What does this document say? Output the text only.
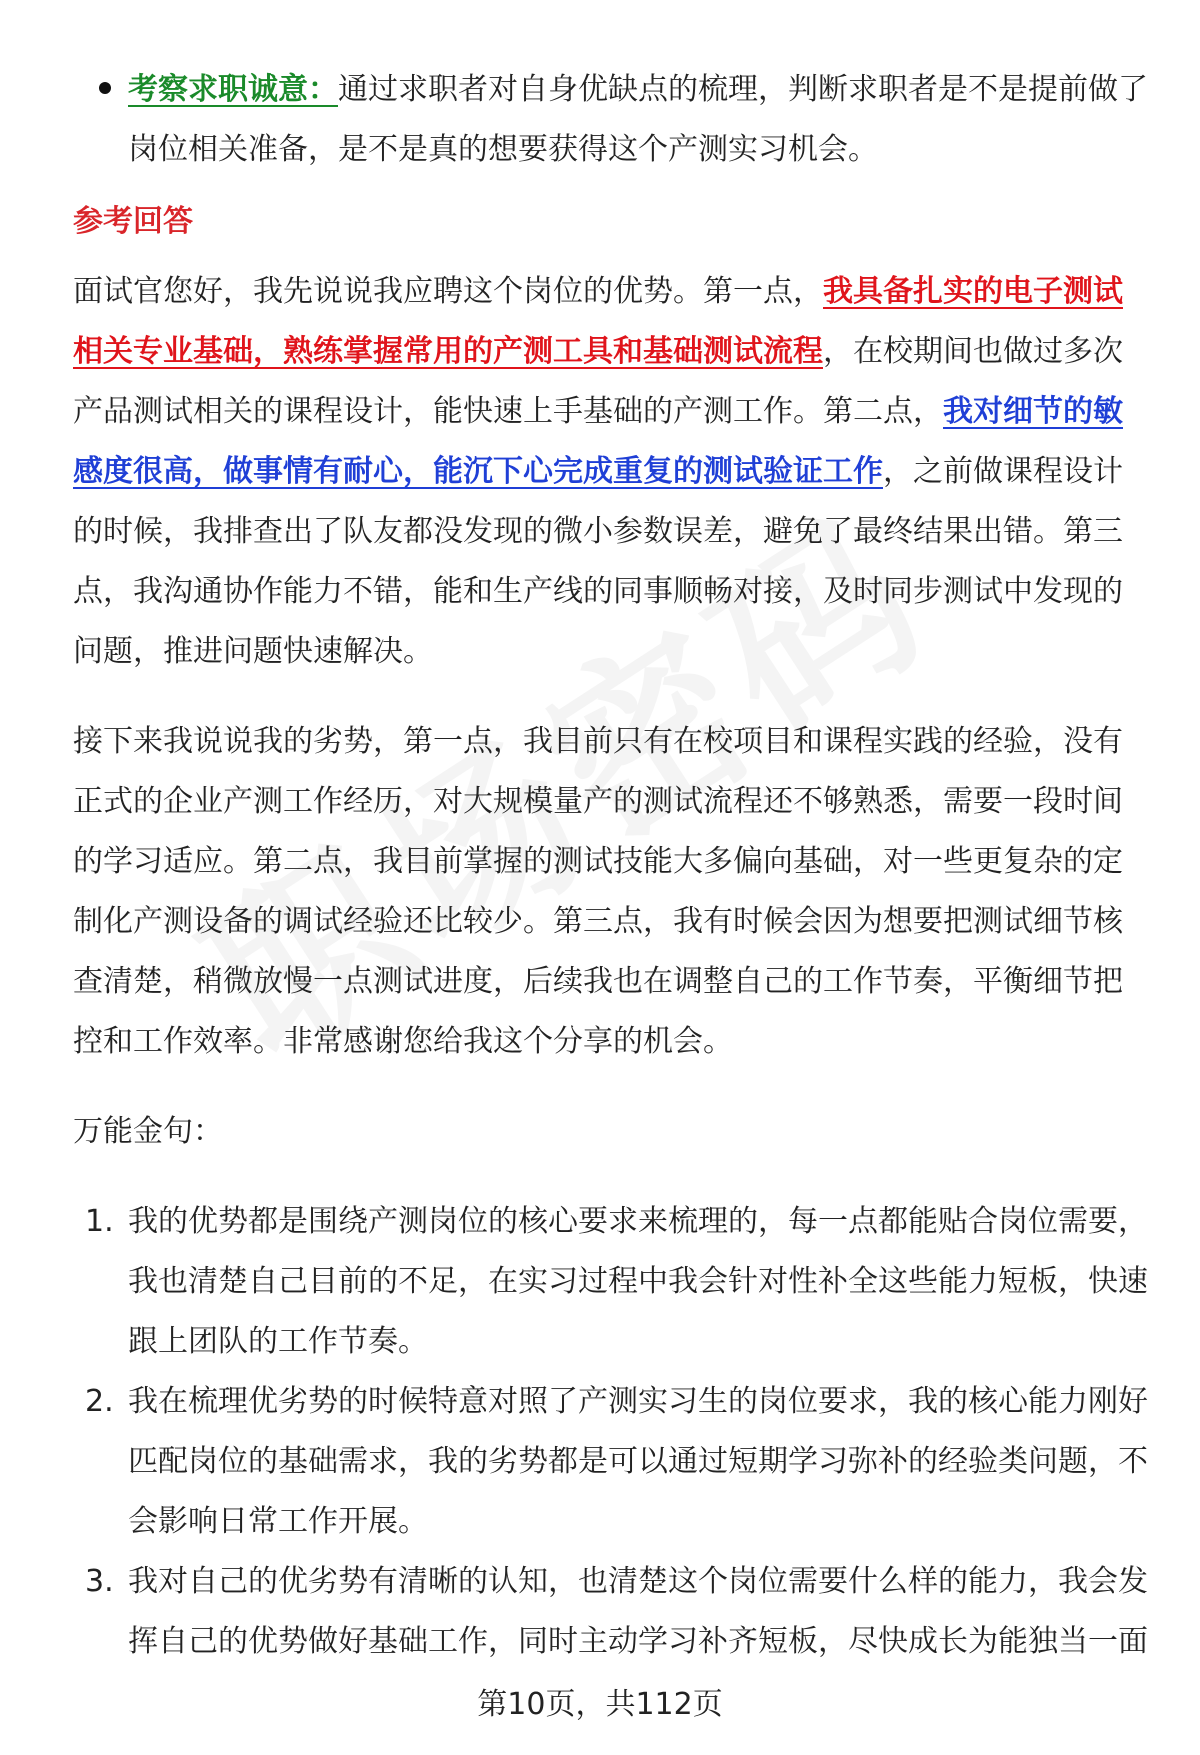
考察求职诚意：通过求职者对自身优缺点的梳理，判断求职者是不是提前做了岗位相关准备，是不是真的想要获得这个产测实习机会。
参考回答

面试官您好，我先说说我应聘这个岗位的优势。第一点，我具备扎实的电子测试相关专业基础，熟练掌握常用的产测工具和基础测试流程，在校期间也做过多次产品测试相关的课程设计，能快速上手基础的产测工作。第二点，我对细节的敏感度很高，做事情有耐心，能沉下心完成重复的测试验证工作，之前做课程设计的时候，我排查出了队友都没发现的微小参数误差，避免了最终结果出错。第三点，我沟通协作能力不错，能和生产线的同事顺畅对接，及时同步测试中发现的问题，推进问题快速解决。

接下来我说说我的劣势，第一点，我目前只有在校项目和课程实践的经验，没有正式的企业产测工作经历，对大规模量产的测试流程还不够熟悉，需要一段时间的学习适应。第二点，我目前掌握的测试技能大多偏向基础，对一些更复杂的定制化产测设备的调试经验还比较少。第三点，我有时候会因为想要把测试细节核查清楚，稍微放慢一点测试进度，后续我也在调整自己的工作节奏，平衡细节把控和工作效率。非常感谢您给我这个分享的机会。

万能金句：

1. 我的优势都是围绕产测岗位的核心要求来梳理的，每一点都能贴合岗位需要，我也清楚自己目前的不足，在实习过程中我会针对性补全这些能力短板，快速跟上团队的工作节奏。
2. 我在梳理优劣势的时候特意对照了产测实习生的岗位要求，我的核心能力刚好匹配岗位的基础需求，我的劣势都是可以通过短期学习弥补的经验类问题，不会影响日常工作开展。
3. 我对自己的优劣势有清晰的认知，也清楚这个岗位需要什么样的能力，我会发挥自己的优势做好基础工作，同时主动学习补齐短板，尽快成长为能独当一面
第10页，共112页
